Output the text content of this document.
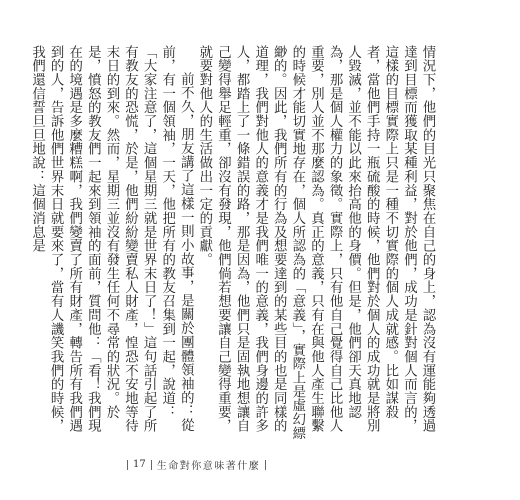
情況下，他們的目光只聚焦在自己的身上，認為沒有運能夠透過達到目標而獲取某種利益，對於他們，成功是針對個人而言的，這樣的目標實際上只是一種不切實際的個人成就感。比如謀殺者，當他們手持一瓶硫酸的時候，他們對於個人的成功就是將別人毀滅，並不能以此來抬高他的身價。但是，他們卻天真地認為，那是個人權力的象徵。實際上，只有他自己覺得自己比他人重要，別人並不那麼認為。真正的意義，只有在與他人產生聯繫的時候才能切實地存在，個人所認為的「意義」，實際上是虛幻縹緲的。因此，我們所有的行為及想要達到的某些目的也是同樣的道理，我們對他人的意義才是我們唯一的意義，我們身邊的許多人，都踏上了一條錯誤的路，那是因為，他們只是固執地想讓自己變得舉足輕重，卻沒有發現，他們倘若想要讓自己變得重要，就要對他人的生活做出一定的貢獻。

前不久，朋友講了這樣一則小故事，是關於團體領袖的：從前，有一個領袖，一天，他把所有的教友召集到一起，說道：「大家注意了，這個星期三就是世界末日了！」這句話引起了所有教友的恐慌，於是，他們紛紛變賣私人財產，惶恐不安地等待末日的到來。然而，星期三並沒有發生任何不尋常的狀況。於是，憤怒的教友們一起來到領袖的面前，質問他：「看！我們現在的境遇是多麼糟糕啊，我們變賣了所有財產，轉告所有我們遇到的人，告訴他們世界末日就要來了，當有人譏笑我們的時候，我們還信誓旦旦地說：這個消息是

17 生命對你意味著什麼
